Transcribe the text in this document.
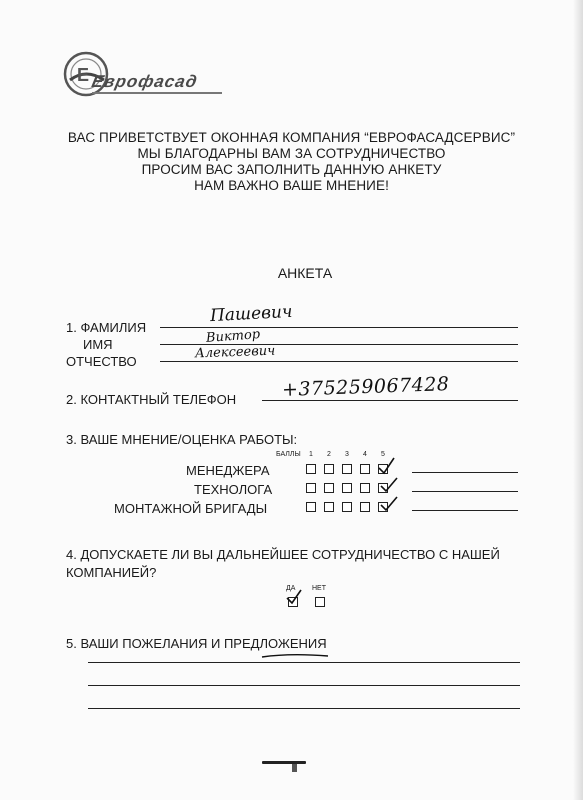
Е Еврофасад
ВАС ПРИВЕТСТВУЕТ ОКОННАЯ КОМПАНИЯ “ЕВРОФАСАДСЕРВИС”
МЫ БЛАГОДАРНЫ ВАМ ЗА СОТРУДНИЧЕСТВО
ПРОСИМ ВАС ЗАПОЛНИТЬ ДАННУЮ АНКЕТУ
НАМ ВАЖНО ВАШЕ МНЕНИЕ!
АНКЕТА
1. ФАМИЛИЯ
ИМЯ
ОТЧЕСТВО
Пашевич
Виктор
Алексеевич
2. КОНТАКТНЫЙ ТЕЛЕФОН +375259067428
3. ВАШЕ МНЕНИЕ/ОЦЕНКА РАБОТЫ:
БАЛЛЫ 1 2 3 4 5
МЕНЕДЖЕРА
ТЕХНОЛОГА
МОНТАЖНОЙ БРИГАДЫ
4. ДОПУСКАЕТЕ ЛИ ВЫ ДАЛЬНЕЙШЕЕ СОТРУДНИЧЕСТВО С НАШЕЙ
КОМПАНИЕЙ?
ДА НЕТ
5. ВАШИ ПОЖЕЛАНИЯ И ПРЕДЛОЖЕНИЯ
